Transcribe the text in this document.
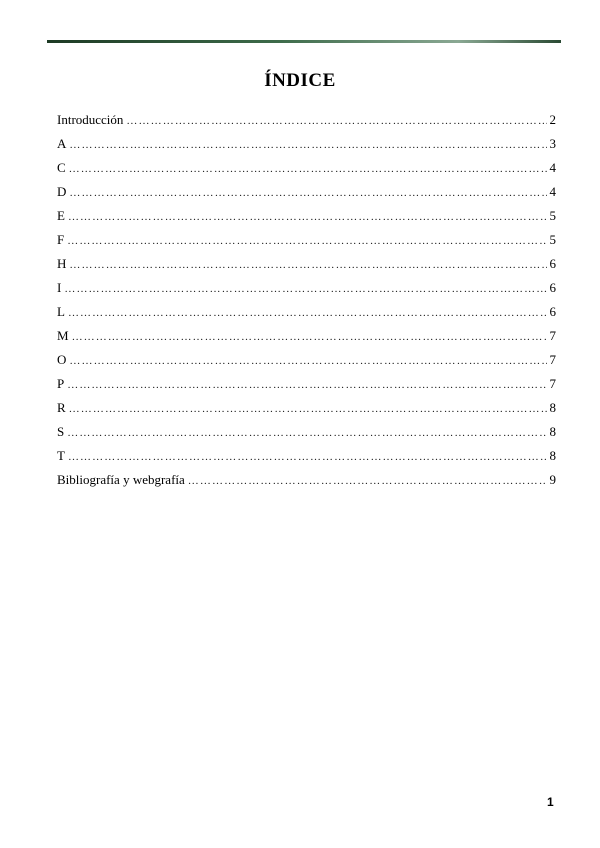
ÍNDICE
Introducción …………………………………………………………………………………………………………………………………………………………………………………………………………	2
A …………………………………………………………………………………………………………………………………………………………………………………………………………	3
C …………………………………………………………………………………………………………………………………………………………………………………………………………	4
D …………………………………………………………………………………………………………………………………………………………………………………………………………	4
E …………………………………………………………………………………………………………………………………………………………………………………………………………	5
F …………………………………………………………………………………………………………………………………………………………………………………………………………	5
H …………………………………………………………………………………………………………………………………………………………………………………………………………	6
I …………………………………………………………………………………………………………………………………………………………………………………………………………	6
L …………………………………………………………………………………………………………………………………………………………………………………………………………	6
M …………………………………………………………………………………………………………………………………………………………………………………………………………	7
O …………………………………………………………………………………………………………………………………………………………………………………………………………	7
P …………………………………………………………………………………………………………………………………………………………………………………………………………	7
R …………………………………………………………………………………………………………………………………………………………………………………………………………	8
S …………………………………………………………………………………………………………………………………………………………………………………………………………	8
T …………………………………………………………………………………………………………………………………………………………………………………………………………	8
Bibliografía y webgrafía …………………………………………………………………………………………………………………………………………………………………………………………………………	9
1
